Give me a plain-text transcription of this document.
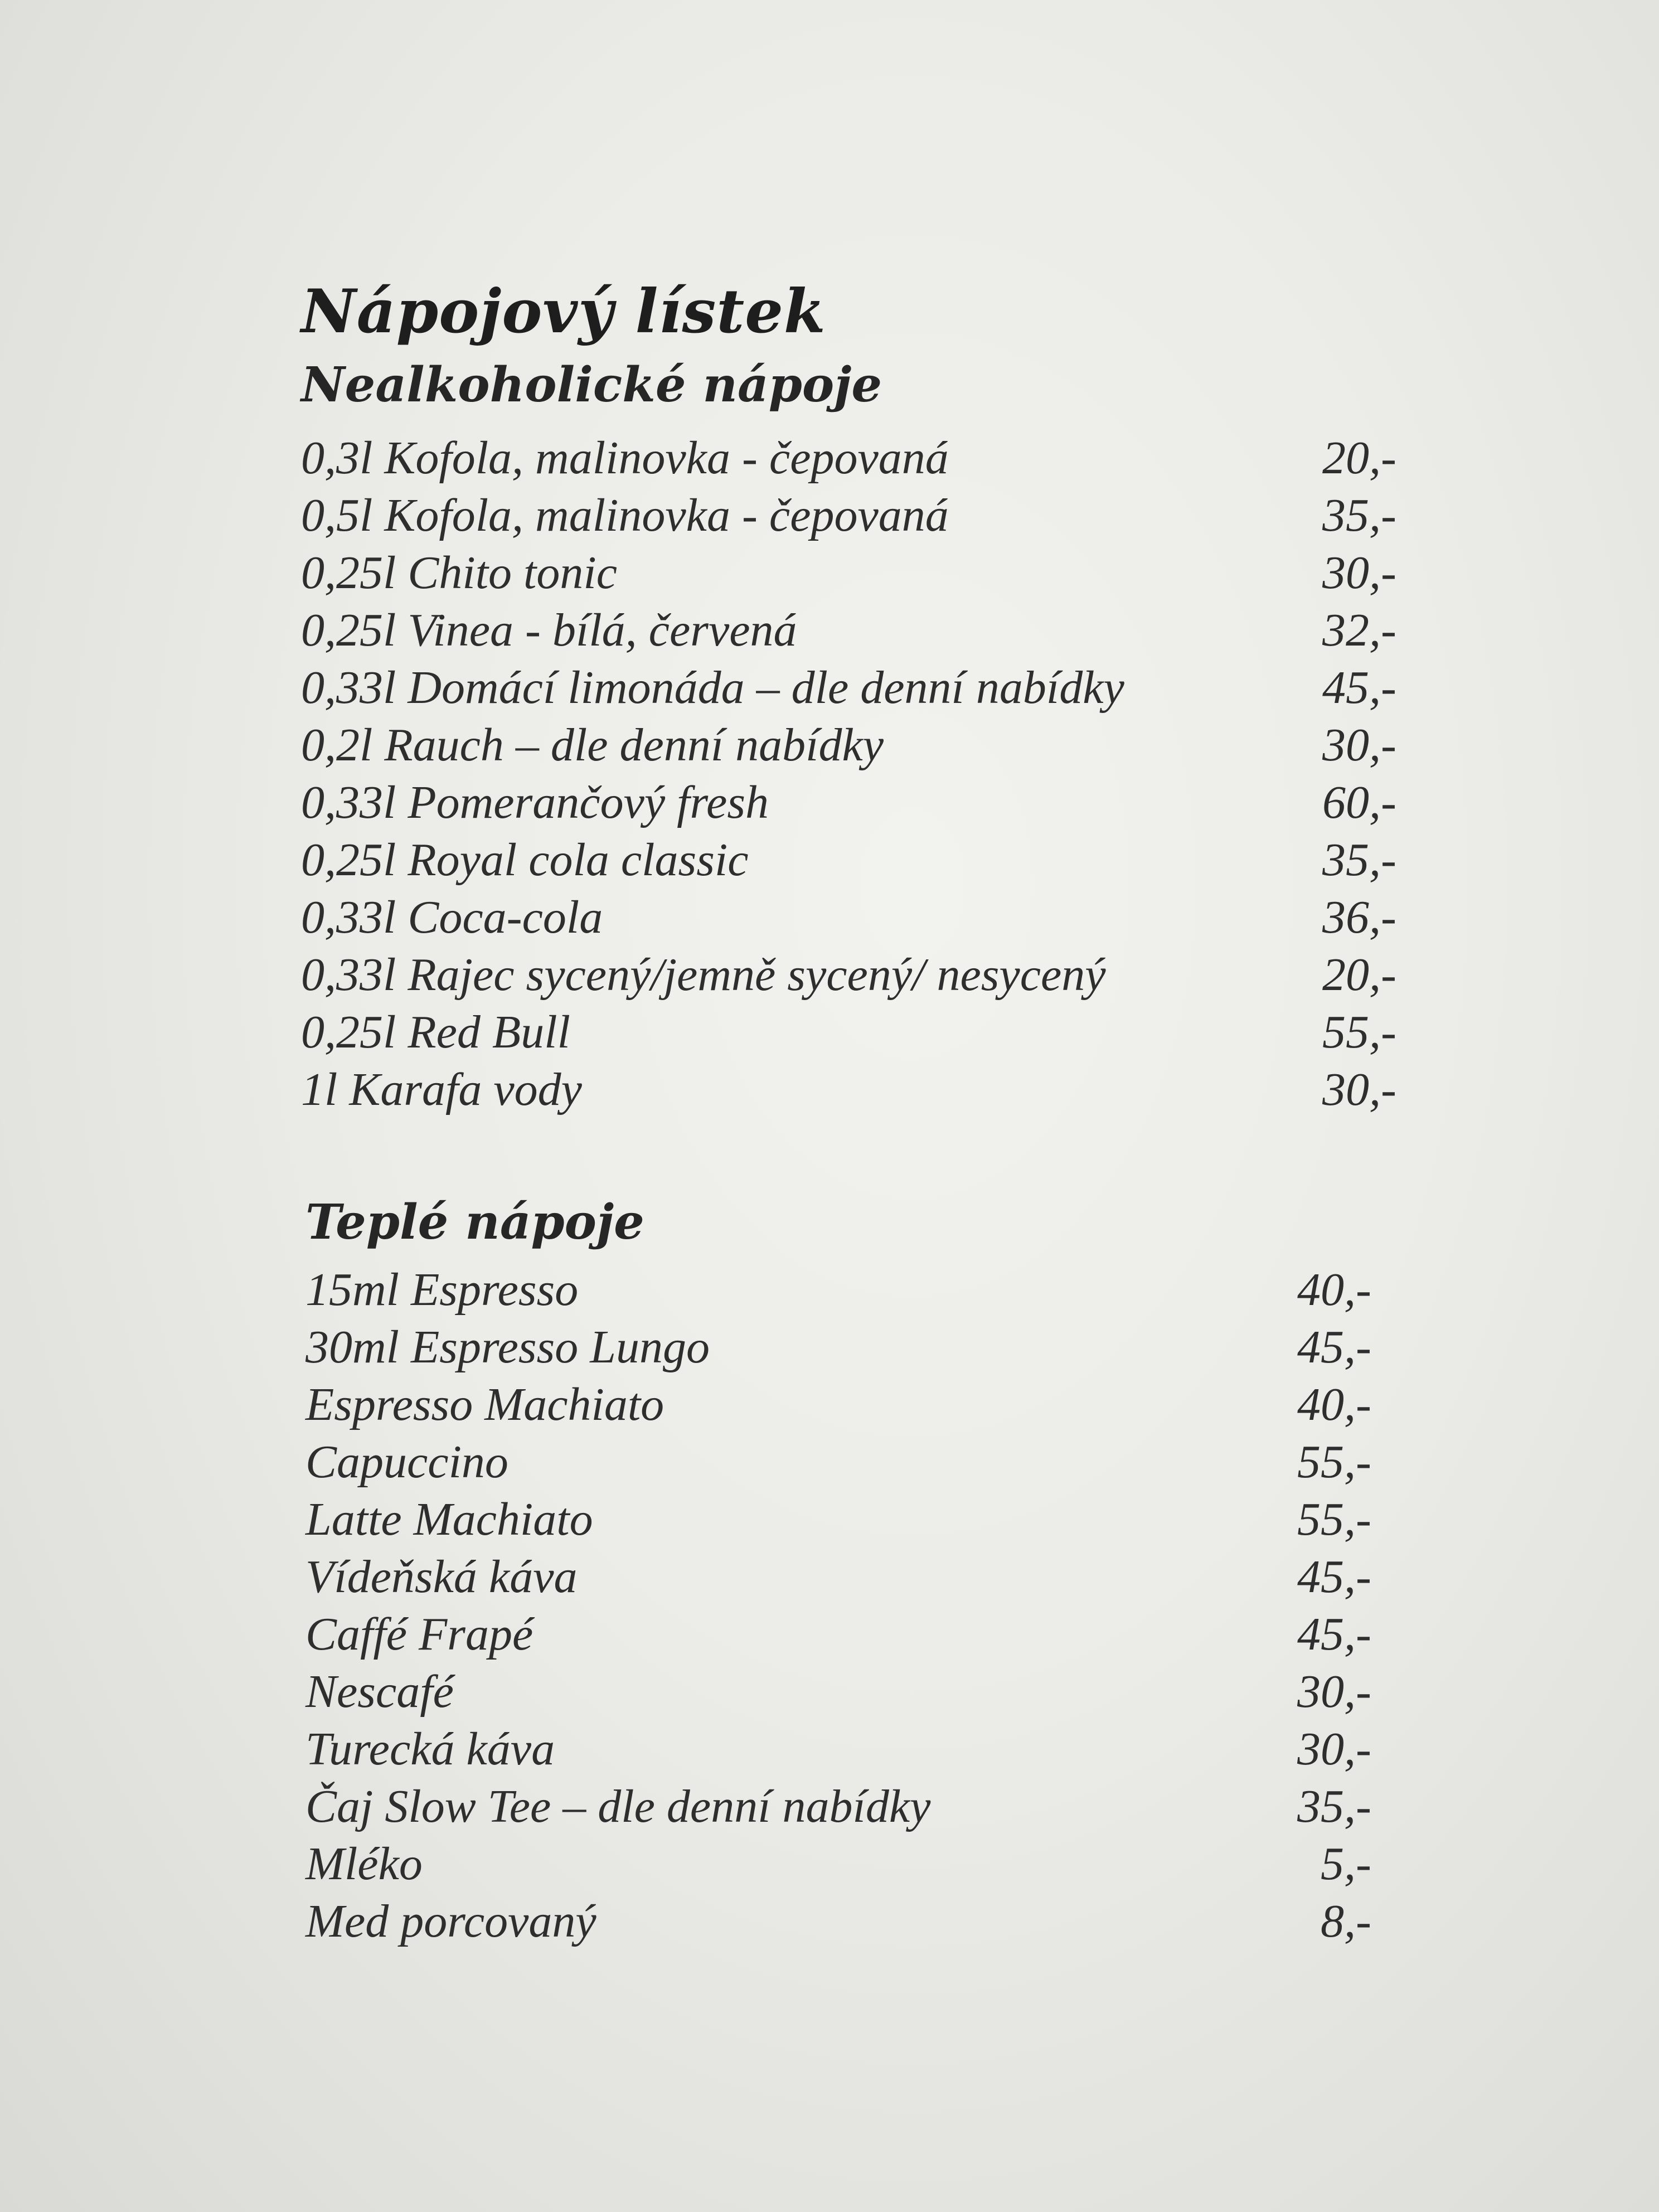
Nápojový lístek
Nealkoholické nápoje
0,3l Kofola, malinovka - čepovaná	20,-
0,5l Kofola, malinovka - čepovaná	35,-
0,25l Chito tonic	30,-
0,25l Vinea - bílá, červená	32,-
0,33l Domácí limonáda – dle denní nabídky	45,-
0,2l Rauch – dle denní nabídky	30,-
0,33l Pomerančový fresh	60,-
0,25l Royal cola classic	35,-
0,33l Coca-cola	36,-
0,33l Rajec sycený/jemně sycený/ nesycený	20,-
0,25l Red Bull	55,-
1l Karafa vody	30,-
Teplé nápoje
15ml Espresso	40,-
30ml Espresso Lungo	45,-
Espresso Machiato	40,-
Capuccino	55,-
Latte Machiato	55,-
Vídeňská káva	45,-
Caffé Frapé	45,-
Nescafé	30,-
Turecká káva	30,-
Čaj Slow Tee – dle denní nabídky	35,-
Mléko	5,-
Med porcovaný	8,-
